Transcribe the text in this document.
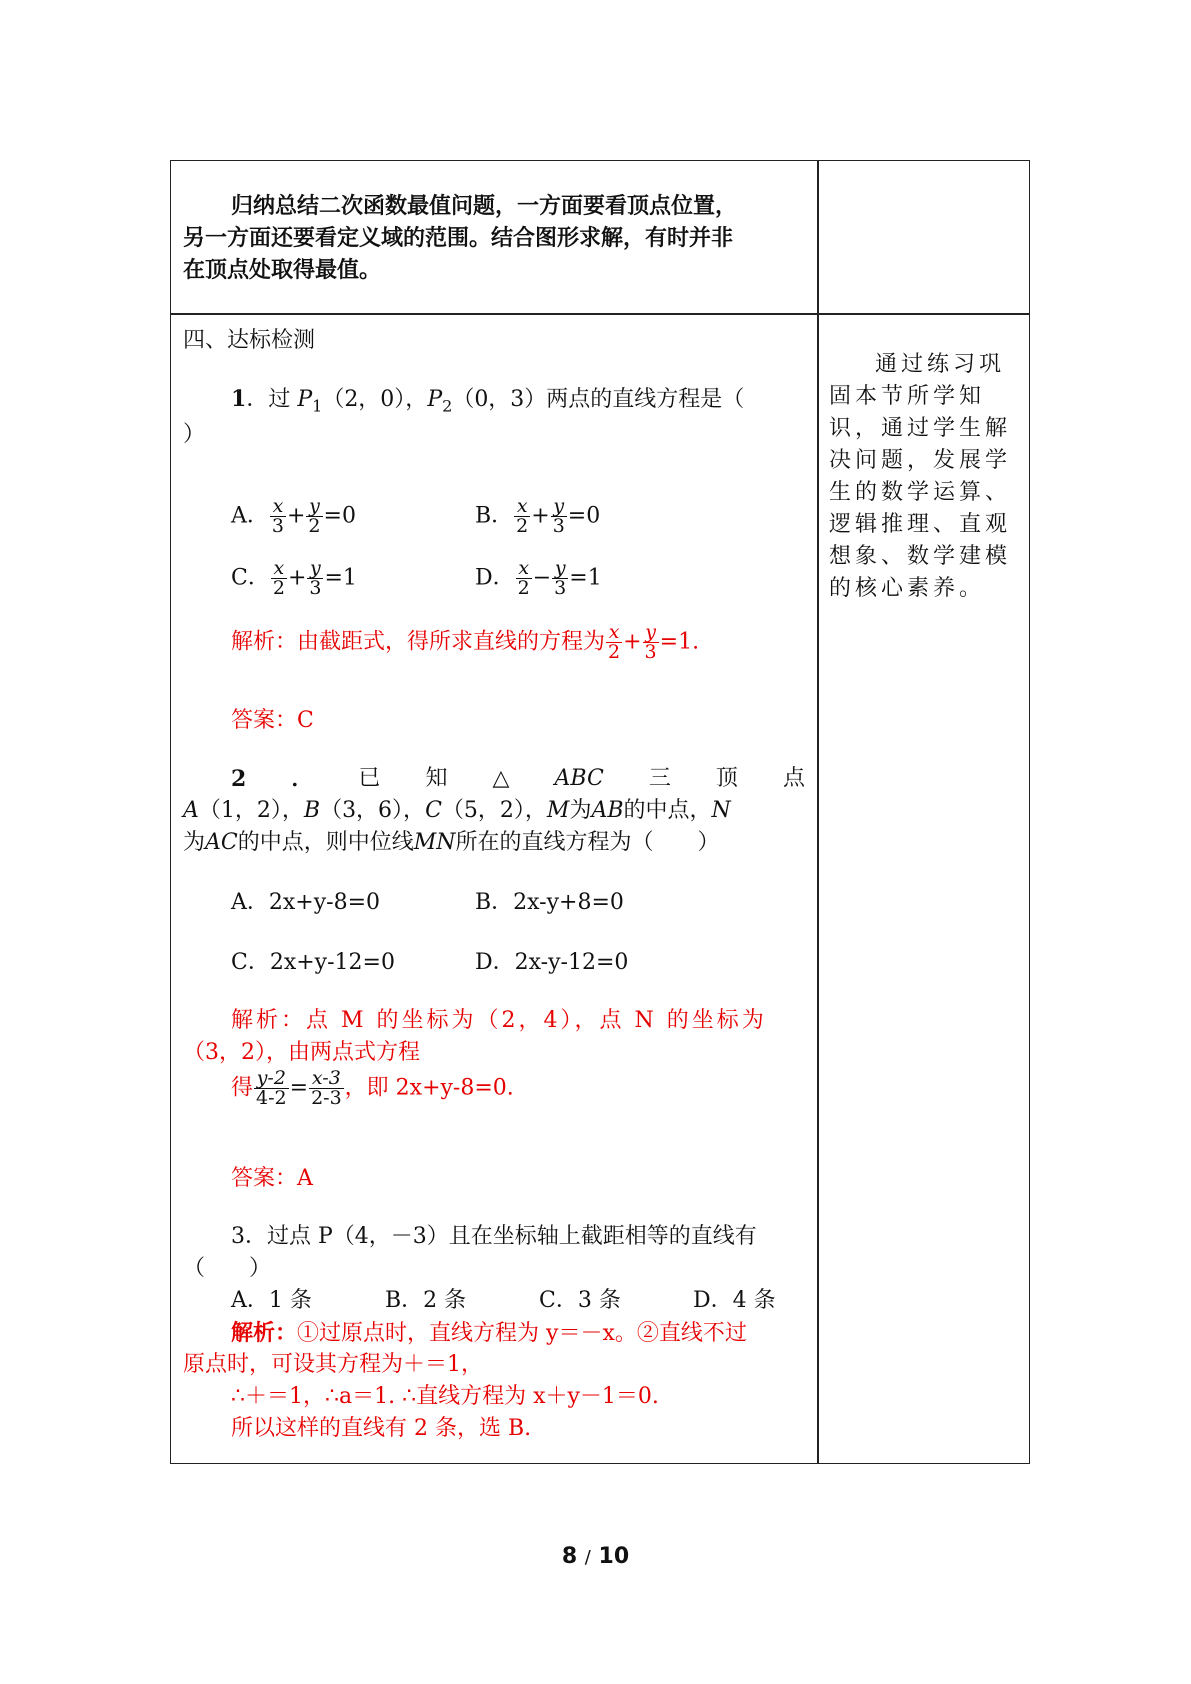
归纳总结二次函数最值问题，一方面要看顶点位置，
另一方面还要看定义域的范围。结合图形求解，有时并非
在顶点处取得最值。
四、达标检测
1．过 $P_1(2$，0），$P_2(0$，3）两点的直线方程是（
）
A． $\frac{x}{3} + \frac{y}{2} =0$	B． $\frac{x}{2} + \frac{y}{3} =0$
C． $\frac{x}{2} + \frac{y}{3} =1$	D． $\frac{x}{2} - \frac{y}{3} =1$
解析：由截距式，得所求直线的方程为 $\frac{x}{2} + \frac{y}{3} =1$.
答案：C
2 ． 已 知 △ ABC 三 顶 点
A（1，2），B（3，6），C（5，2），M为AB的中点，N
为AC的中点，则中位线MN所在的直线方程为（　　）
A．2x+y-8=0	B．2x-y+8=0
C．2x+y-12=0	D．2x-y-12=0
解析：点 M 的坐标为（2，4），点 N 的坐标为
（3，2），由两点式方程
得 $\frac{y-2}{4-2} = \frac{x-3}{2-3}$ ，即 2x+y-8=0.
答案：A
3．过点 P（4，－3）且在坐标轴上截距相等的直线有
（　　）
A．1 条	B．2 条	C．3 条	D．4 条
解析：①过原点时，直线方程为 y＝－x。②直线不过
原点时，可设其方程为＋＝1，
∴＋＝1，∴a＝1. ∴直线方程为 x＋y－1＝0.
所以这样的直线有 2 条，选 B.
通过练习巩
固本节所学知
识，通过学生解
决问题，发展学
生的数学运算、
逻辑推理、直观
想象、数学建模
的核心素养。
8 / 10
